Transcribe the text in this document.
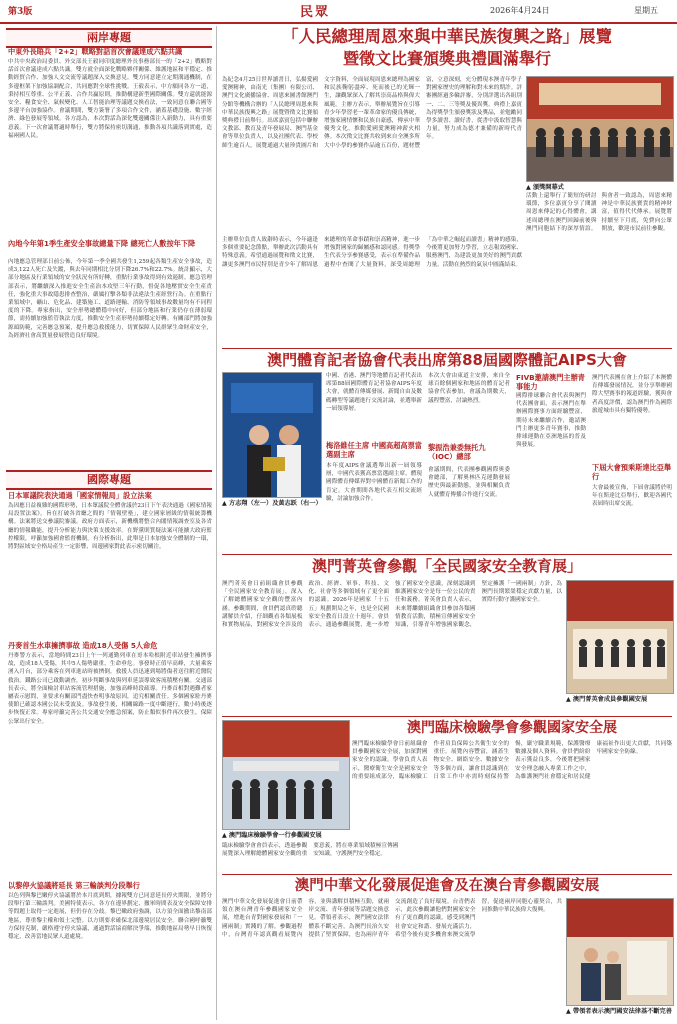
第3版	民眾	2026年4月24日	星期五
兩岸專題
中東外長晤兵「2+2」戰略對話首次會議達成六點共識
中共中央政治局委員、外交部長王毅同印度總理外長事務部長一的「2+2」戰略對話首次會議達成六點共識。雙方就全面深化戰略夥伴關係、維護地區和平穩定、推動經貿合作、加強人文交流等議題深入交換意見。雙方同意建立定期溝通機制，在多邊框架下加強協調配合，共同應對全球性挑戰。王毅表示，中方願同各方一道，秉持相互尊重、公平正義、合作共贏原則，推動構建新型國際關係。雙方還就能源安全、糧食安全、氣候變化、人工智能治理等議題交換看法，一致同意在聯合國等多邊平台加強協作。會議期間，雙方簽署了多項合作文件，涵蓋基礎設施、數字經濟、綠色發展等領域。各方認為，本次對話為深化雙邊關係注入新動力，具有重要意義。下一次會議將適時舉行，雙方將保持密切溝通，推動各項共識落到實處，造福兩國人民。
內地今年第1季生產安全事故總量下降 總死亡人數按年下降
內地應急管理部日前公佈，今年第一季全國共發生1,259起各類生產安全事故，造成3,122人死亡及失蹤，與去年同期相比分別下降26.7%和22.7%。統計顯示，大部分地區及行業領域的安全狀況有所好轉，重點行業事故得到有效遏制。應急管理部表示，將繼續深入推進安全生產治本攻堅三年行動，督促各地壓實安全生產責任，強化重大事故隱患排查整治，嚴厲打擊各類非法違法生產經營行為。在重點行業領域中，礦山、危化品、建築施工、道路運輸、消防等領域事故數量均有不同程度的下降。專家指出，安全形勢總體穩中向好，但部分地區和行業仍存在薄弱環節，需持續加強監管執法力度，推動安全生產形勢持續穩定好轉。有關部門將加強源頭防範，完善應急預案，提升應急救援能力，切實保障人民群眾生命財產安全，為經濟社會高質量發展營造良好環境。
國際專題
日本軍議院表決通過「國家情報局」設立法案
為因應日益複雜的國際形勢，日本眾議院全體會議於23日下午表決通過《國家情報局設置法案》，旨在打破各省廳之間的「情報壁壘」，建立國家層級的情報統籌機構。法案將送交參議院審議。政府方面表示，新機構將整合內閣情報調查室及各省廳的情報職能，提升分析能力與決策支援效率。在野黨則質疑法案可能擴大政府監控權限，呼籲加強國會監督機制。有分析指出，此舉是日本加強安全體制的一環，將對區域安全格局產生一定影響，周邊國家對此表示密切關注。
丹麥首生水車擁擠事故 造成18人受傷 5人命危
丹麥警方表示，當地時間23日上午一列通勤列車在哥本哈根附近車站發生擁擠事故，造成18人受傷，其中5人傷勢嚴重，生命垂危。事發時正值早高峰，大量乘客湧入月台，部分乘客在列車進站時被擠倒。救援人員迅速到場將傷者送往附近醫院救治。鐵路公司已啟動調查，初步判斷事故與列車延誤導致客流積壓有關。交通部長表示，將全面檢討車站客流管理措施，加強高峰時段疏導。丹麥首相對遇難者家屬表示慰問，並要求有關部門盡快查明事故原因，追究相關責任。多個國家駐丹麥使館已確認本國公民未受波及。事故發生後，相關線路一度中斷運行，數小時後逐步恢復正常。專家呼籲完善公共交通安全應急預案，防止類似事件再次發生，保障公眾出行安全。
以黎停火協議將延長 第三輪談判分段舉行
以色列與黎巴嫩停火協議將於本月底到期，據報雙方已同意延長停火期限，並將分段舉行第三輪談判。美國特使表示，各方在邊界劃定、撤軍時間表及安全保障安排等問題上取得一定進展，但仍存在分歧。黎巴嫩政府強調，以方須全面撤出黎南部地區，尊重黎主權和領土完整。以方則要求確保北部邊境居民安全。聯合國呼籲雙方保持克制，嚴格遵守停火協議，通過對話協商解決爭端，推動地區局勢早日恢復穩定，改善當地民眾人道處境。
「人民總理周恩來與中華民族復興之路」展覽
暨徵文比賽頒獎典禮圓滿舉行
為紀念4月25日世界讀書日，弘揚愛國愛澳精神，由南光（集團）有限公司、澳門文化廣播協會、周恩來圖書館澳門分館等機構合辦的「人民總理周恩來與中華民族復興之路」展覽暨徵文比賽頒獎典禮日前舉行。出席嘉賓包括中聯辦文教部、教育及青年發展局、澳門基金會等單位負責人，以及社團代表、學校師生逾百人。展覽通過大量珍貴圖片和文字資料，全面展現周恩來總理為國家和民族鞠躬盡瘁、死而後已的光輝一生，讓觀眾深入了解其崇高品格與偉大風範。主辦方表示，舉辦展覽旨在引導青少年學習老一輩革命家的優良傳統，增強家國情懷和民族自豪感，傳承中華優秀文化，推動愛國愛澳精神薪火相傳。本次徵文比賽共收到來自全澳多所大中小學的參賽作品逾五百份，題材豐富，立意深刻，充分體現本澳青年學子對國家歷史的理解和對未來的期許。評審團經過多輪評審，分別評選出各組別一、二、三等獎及優異獎。典禮上嘉賓為得獎學生頒發獎狀及獎品，並勉勵同學多讀書、讀好書，從書中汲取智慧與力量，努力成為德才兼備的新時代青年。
▲ 頒獎開幕式
活動上還舉行了簡短的研討環節，多位嘉賓分享了閱讀周恩來傳記的心得體會，講述周總理在澳門回歸前後與澳門同胞結下的深厚情誼。與會者一致認為，周恩來精神是中華民族寶貴的精神財富，值得代代傳承。展覽將持續至下月底，免費向公眾開放，歡迎市民前往參觀。
主辦單位負責人致辭時表示，今年適逢多個重要紀念節點，舉辦此次活動具有特殊意義。希望通過展覽和徵文比賽，讓更多澳門市民特別是青少年了解周恩來總理的革命事蹟和崇高精神，進一步增強對國家的歸屬感和認同感。得獎學生代表分享參賽感受，表示在準備作品過程中查閱了大量資料，深受周總理「為中華之崛起而讀書」精神的感染，今後將更加努力學習，立志報效國家、服務澳門，為建設更加美好的澳門貢獻力量。活動在熱烈的氣氛中圓滿結束。
澳門體育記者協會代表出席第88屆國際體記AIPS大會
▲ 方志翔（左一）及黃志跃（右一）
中國、香港、澳門等地體育記者代表出席第88屆國際體育記者協會AIPS年度大會，就體育傳媒發展、新聞自由及數碼轉型等議題進行交流討論，並選舉新一屆領導層。
梅洛維任主席 中國高超高票當選副主席
本年度AIPS會議選舉出新一屆領導層，中國代表獲高票當選副主席，體現國際體育傳媒界對中國體育新聞工作的肯定。大會期間各地代表互相交流經驗，討論加強合作。
本次大會由東道主安排，來自全球百餘個國家和地區的體育記者協會代表參加，會議為期數天，議程豐富，討論熱烈。
黎振浩兼委無托九（IOC）總部
會議期間，代表團參觀國際奧委會總部，了解奧林匹克運動發展歷史與最新動態，並與相關負責人就體育傳播合作進行交流。
FIVB邀請澳門主辦青事能力
國際排球聯合會代表與澳門代表團會面，表示澳門在舉辦國際賽事方面經驗豐富，期待未來繼續合作，邀請澳門主辦更多青年賽事，推動排球運動在亞洲地區的普及與發展。
澳門代表團在會上介紹了本澳體育傳媒發展情況，並分享舉辦國際大型賽事的報道經驗，獲與會者高度評價，認為澳門作為國際旅遊城市具有獨特優勢。
下屆大會預乘斯達比亞舉行
大會最後宣佈，下屆會議將於明年在斯達比亞舉行，歡迎各國代表屆時出席交流。
澳門菁英會參觀「全民國家安全教育展」
澳門菁英會日前組織會員參觀「全民國家安全教育展」，深入了解總體國家安全觀的豐富內涵。參觀期間，會員們認真聆聽講解員介紹，仔細觀看各類展板和實物展品，對國家安全涉及的政治、經濟、軍事、科技、文化、社會等多個領域有了更全面的認識。2026年是國家「十五五」規劃開局之年，也是全民國家安全教育日設立十週年。會員表示，通過參觀展覽，進一步增強了國家安全意識，深刻認識到維護國家安全是每一位公民的責任和義務。菁英會負責人表示，未來將繼續組織會員參加各類國情教育活動，積極宣傳國家安全知識，引導青年增強國家觀念，堅定擁護「一國兩制」方針，為澳門長期繁榮穩定貢獻力量，以實際行動守護國家安全。
▲ 澳門菁英會成員參觀國安展
▲ 澳門臨床檢驗學會一行參觀國安展
澳門臨床檢驗學會參觀國家安全展
澳門臨床檢驗學會日前組織會員參觀國家安全展，加深對國家安全的認識。學會負責人表示，醫療衛生安全是國家安全的重要組成部分，臨床檢驗工作者肩負保障公共衛生安全的重任。展覽內容豐富，涵蓋生物安全、網絡安全、數據安全等多個方面，讓會員認識到在日常工作中亦需時刻保持警惕，嚴守職業規範，保護醫療數據及個人資料。會員們紛紛表示獲益良多，今後將把國家安全理念融入專業工作之中，為維護澳門社會穩定和居民健康福祉作出更大貢獻，共同築牢國家安全防線。
臨床檢驗學會會員表示，透過參觀展覽深入理解總體國家安全觀的重要意義，將在專業領域積極宣傳國安知識，守護澳門安全穩定。
澳門中華文化發展促進會及在澳台青參觀國安展
澳門中華文化發展促進會日前帶領在澳台灣青年參觀國家安全展，增進台青對國家發展和「一國兩制」實踐的了解。參觀過程中，台灣青年認真觀看展覽內容，並與講解員積極互動，就兩岸交流、青年發展等話題交換意見。帶領者表示，澳門國安法律體系不斷完善，為澳門長治久安提供了堅實保障，也為兩岸青年交流創造了良好環境。台青們表示，此次參觀讓他們對國家安全有了更直觀的認識，感受到澳門社會安定和諧、發展充滿活力，希望今後有更多機會來澳交流學習，促進兩岸同胞心靈契合，共同推動中華民族偉大復興。
▲ 帶領者表示澳門國安法律基不斷完善
